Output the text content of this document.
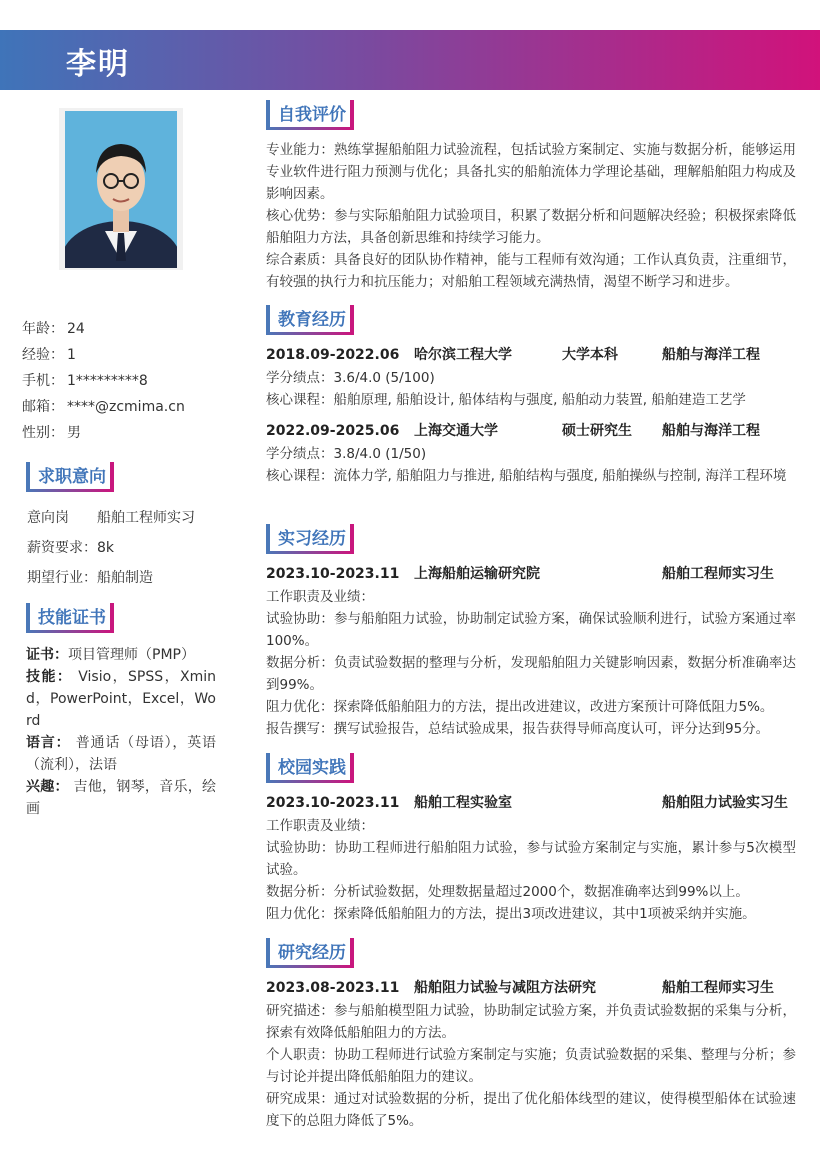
李明
年龄： 24
经验： 1
手机： 1*********8
邮箱： ****@zcmima.cn
性别： 男
求职意向
意向岗 船舶工程师实习
薪资要求：8k
期望行业：船舶制造
技能证书

证书：项目管理师（PMP）

技能： Visio，SPSS，Xmind，PowerPoint，Excel，Word

语言： 普通话（母语），英语（流利），法语

兴趣： 吉他，钢琴，音乐，绘画

自我评价

专业能力：熟练掌握船舶阻力试验流程，包括试验方案制定、实施与数据分析，能够运用专业软件进行阻力预测与优化；具备扎实的船舶流体力学理论基础，理解船舶阻力构成及影响因素。

核心优势：参与实际船舶阻力试验项目，积累了数据分析和问题解决经验；积极探索降低船舶阻力方法，具备创新思维和持续学习能力。

综合素质：具备良好的团队协作精神，能与工程师有效沟通；工作认真负责，注重细节，有较强的执行力和抗压能力；对船舶工程领域充满热情，渴望不断学习和进步。

教育经历
2018.09-2022.06 哈尔滨工程大学	大学本科	船舶与海洋工程

学分绩点：3.6/4.0 (5/100)

核心课程：船舶原理, 船舶设计, 船体结构与强度, 船舶动力装置, 船舶建造工艺学

2022.09-2025.06 上海交通大学	硕士研究生 船舶与海洋工程

学分绩点：3.8/4.0 (1/50)

核心课程：流体力学, 船舶阻力与推进, 船舶结构与强度, 船舶操纵与控制, 海洋工程环境

实习经历
2023.10-2023.11 上海船舶运输研究院	船舶工程师实习生

工作职责及业绩：

试验协助：参与船舶阻力试验，协助制定试验方案，确保试验顺利进行，试验方案通过率100%。

数据分析：负责试验数据的整理与分析，发现船舶阻力关键影响因素，数据分析准确率达到99%。

阻力优化：探索降低船舶阻力的方法，提出改进建议，改进方案预计可降低阻力5%。

报告撰写：撰写试验报告，总结试验成果，报告获得导师高度认可，评分达到95分。

校园实践
2023.10-2023.11 船舶工程实验室	船舶阻力试验实习生

工作职责及业绩：

试验协助：协助工程师进行船舶阻力试验，参与试验方案制定与实施，累计参与5次模型试验。

数据分析：分析试验数据，处理数据量超过2000个，数据准确率达到99%以上。

阻力优化：探索降低船舶阻力的方法，提出3项改进建议，其中1项被采纳并实施。

研究经历
2023.08-2023.11 船舶阻力试验与减阻方法研究	船舶工程师实习生

研究描述：参与船舶模型阻力试验，协助制定试验方案，并负责试验数据的采集与分析，探索有效降低船舶阻力的方法。

个人职责：协助工程师进行试验方案制定与实施；负责试验数据的采集、整理与分析；参与讨论并提出降低船舶阻力的建议。

研究成果：通过对试验数据的分析，提出了优化船体线型的建议，使得模型船体在试验速度下的总阻力降低了5%。
